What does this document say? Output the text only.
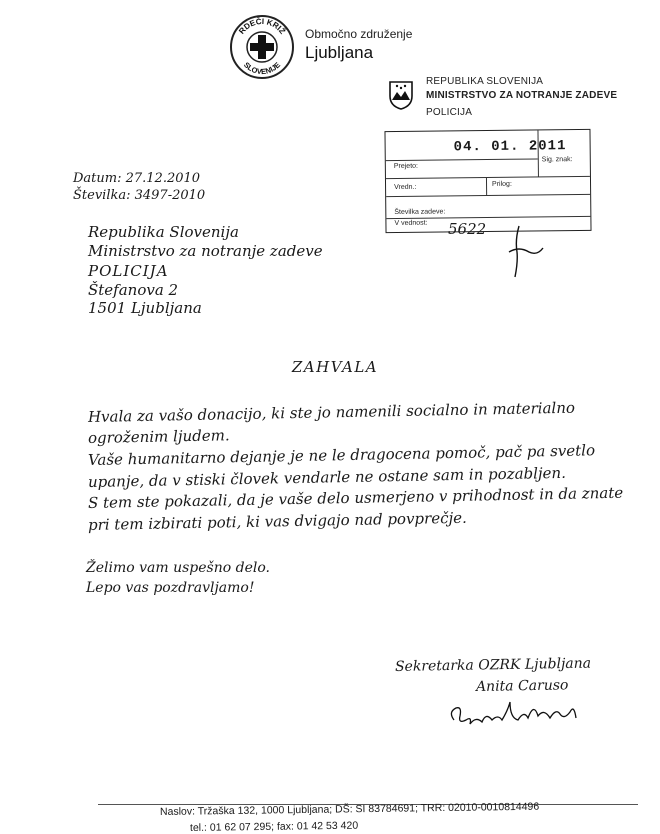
RDEČI KRIŽ
SLOVENIJE
Območno združenje
Ljubljana
REPUBLIKA SLOVENIJA
MINISTRSTVO ZA NOTRANJE ZADEVE
POLICIJA
04. 01. 2011
Prejeto:
Sig. znak:
Vredn.:	Prilog:
Številka zadeve:
V vednost: 5622
Datum: 27.12.2010
Številka: 3497-2010
Republika Slovenija
Ministrstvo za notranje zadeve
POLICIJA
Štefanova 2
1501 Ljubljana
ZAHVALA
Hvala za vašo donacijo, ki ste jo namenili socialno in materialno
ogroženim ljudem.
Vaše humanitarno dejanje je ne le dragocena pomoč, pač pa svetlo
upanje, da v stiski človek vendarle ne ostane sam in pozabljen.
S tem ste pokazali, da je vaše delo usmerjeno v prihodnost in da znate
pri tem izbirati poti, ki vas dvigajo nad povprečje.
Želimo vam uspešno delo.
Lepo vas pozdravljamo!
Sekretarka OZRK Ljubljana
Anita Caruso
Naslov: Tržaška 132, 1000 Ljubljana; DŠ: SI 83784691; TRR: 02010-0010814496
tel.: 01 62 07 295; fax: 01 42 53 420
